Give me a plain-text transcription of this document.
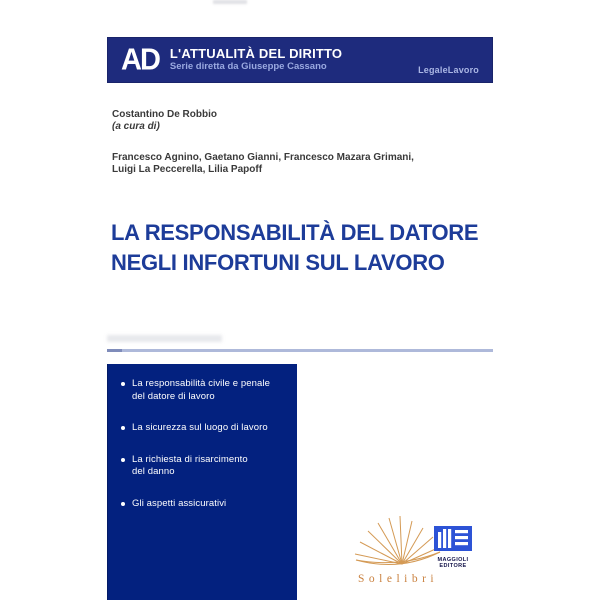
AD L'ATTUALITÀ DEL DIRITTO
Serie diretta da Giuseppe Cassano	LegaleLavoro
Costantino De Robbio
(a cura di)
Francesco Agnino, Gaetano Gianni, Francesco Mazara Grimani,
Luigi La Peccerella, Lilia Papoff
LA RESPONSABILITÀ DEL DATORE
NEGLI INFORTUNI SUL LAVORO
La responsabilità civile e penale
del datore di lavoro
La sicurezza sul luogo di lavoro
La richiesta di risarcimento
del danno
Gli aspetti assicurativi
Solelibri
MAGGIOLI
EDITORE
